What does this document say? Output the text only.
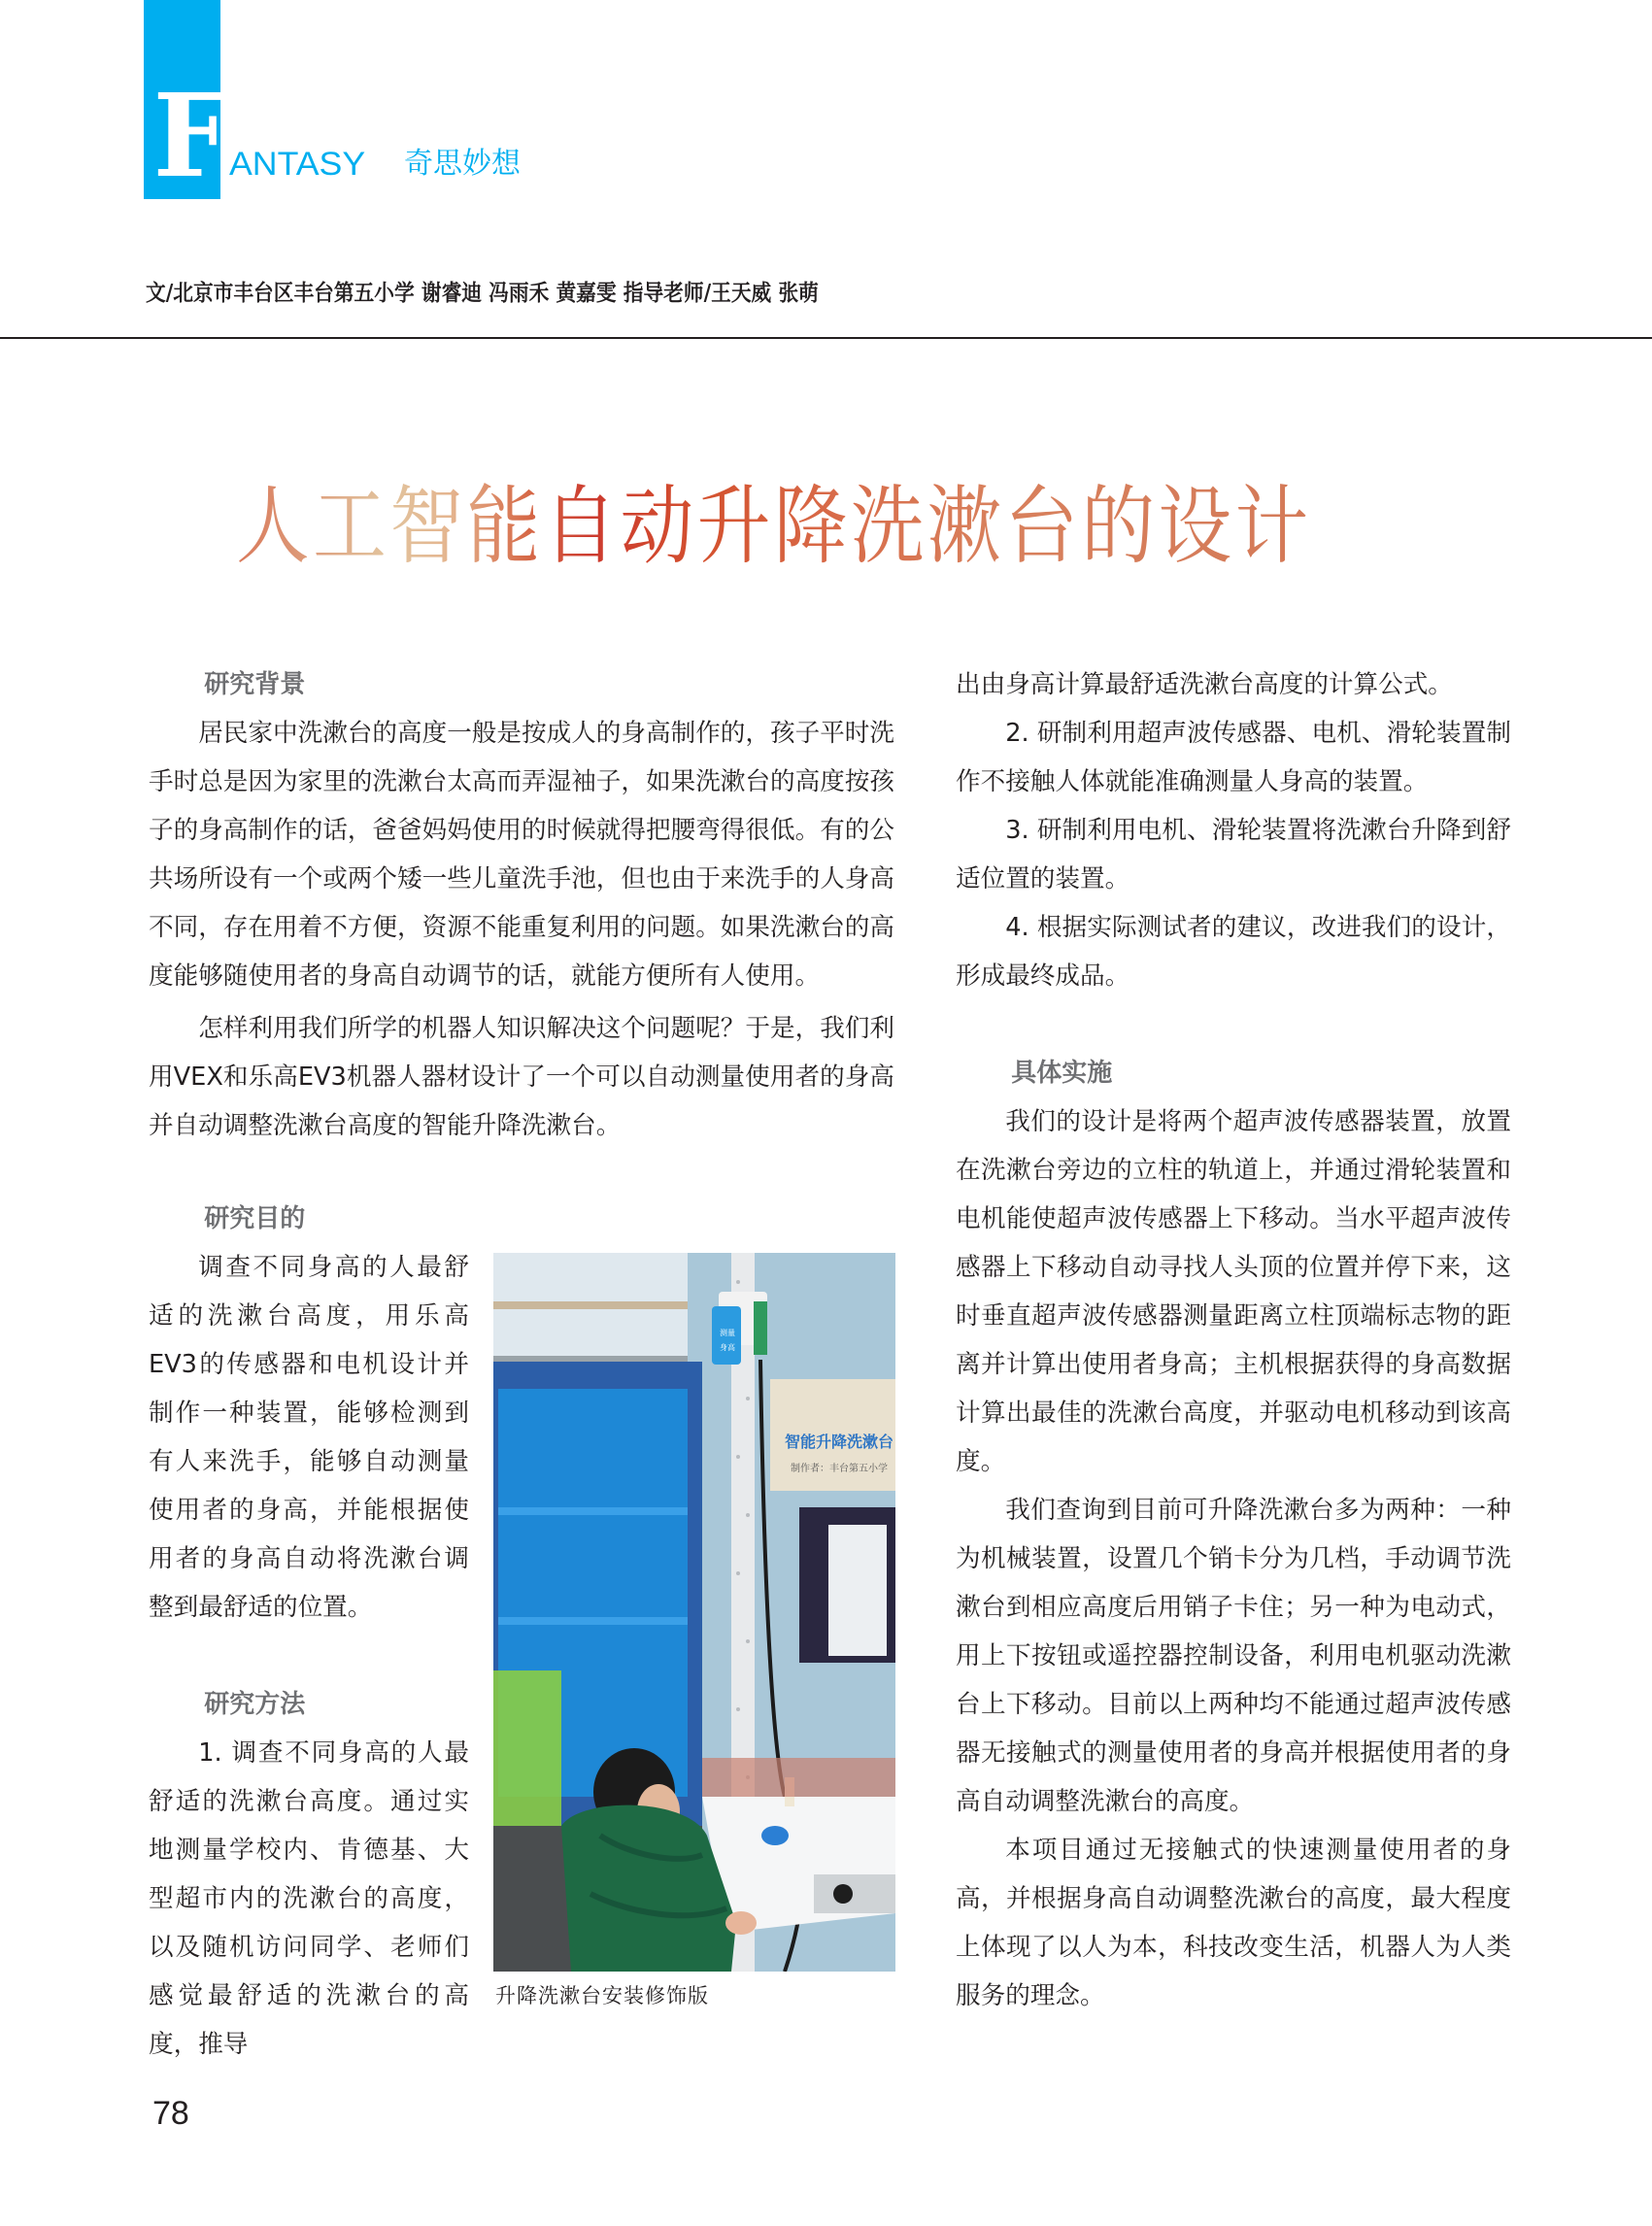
F
ANTASY 奇思妙想
文/北京市丰台区丰台第五小学 谢睿迪 冯雨禾 黄嘉雯 指导老师/王天威 张萌
人工智能自动升降洗漱台的设计
研究背景

居民家中洗漱台的高度一般是按成人的身高制作的，孩子平时洗手时总是因为家里的洗漱台太高而弄湿袖子，如果洗漱台的高度按孩子的身高制作的话，爸爸妈妈使用的时候就得把腰弯得很低。有的公共场所设有一个或两个矮一些儿童洗手池，但也由于来洗手的人身高不同，存在用着不方便，资源不能重复利用的问题。如果洗漱台的高度能够随使用者的身高自动调节的话，就能方便所有人使用。

怎样利用我们所学的机器人知识解决这个问题呢？于是，我们利用VEX和乐高EV3机器人器材设计了一个可以自动测量使用者的身高并自动调整洗漱台高度的智能升降洗漱台。

研究目的

调查不同身高的人最舒适的洗漱台高度，用乐高EV3的传感器和电机设计并制作一种装置，能够检测到有人来洗手，能够自动测量使用者的身高，并能根据使用者的身高自动将洗漱台调整到最舒适的位置。

研究方法

1. 调查不同身高的人最舒适的洗漱台高度。通过实地测量学校内、肯德基、大型超市内的洗漱台的高度，以及随机访问同学、老师们感觉最舒适的洗漱台的高度，推导

智能升降洗漱台
制作者：丰台第五小学
测量
身高
升降洗漱台安装修饰版

出由身高计算最舒适洗漱台高度的计算公式。

2. 研制利用超声波传感器、电机、滑轮装置制作不接触人体就能准确测量人身高的装置。

3. 研制利用电机、滑轮装置将洗漱台升降到舒适位置的装置。

4. 根据实际测试者的建议，改进我们的设计，形成最终成品。

具体实施

我们的设计是将两个超声波传感器装置，放置在洗漱台旁边的立柱的轨道上，并通过滑轮装置和电机能使超声波传感器上下移动。当水平超声波传感器上下移动自动寻找人头顶的位置并停下来，这时垂直超声波传感器测量距离立柱顶端标志物的距离并计算出使用者身高；主机根据获得的身高数据计算出最佳的洗漱台高度，并驱动电机移动到该高度。

我们查询到目前可升降洗漱台多为两种：一种为机械装置，设置几个销卡分为几档，手动调节洗漱台到相应高度后用销子卡住；另一种为电动式，用上下按钮或遥控器控制设备，利用电机驱动洗漱台上下移动。目前以上两种均不能通过超声波传感器无接触式的测量使用者的身高并根据使用者的身高自动调整洗漱台的高度。

本项目通过无接触式的快速测量使用者的身高，并根据身高自动调整洗漱台的高度，最大程度上体现了以人为本，科技改变生活，机器人为人类服务的理念。

78
